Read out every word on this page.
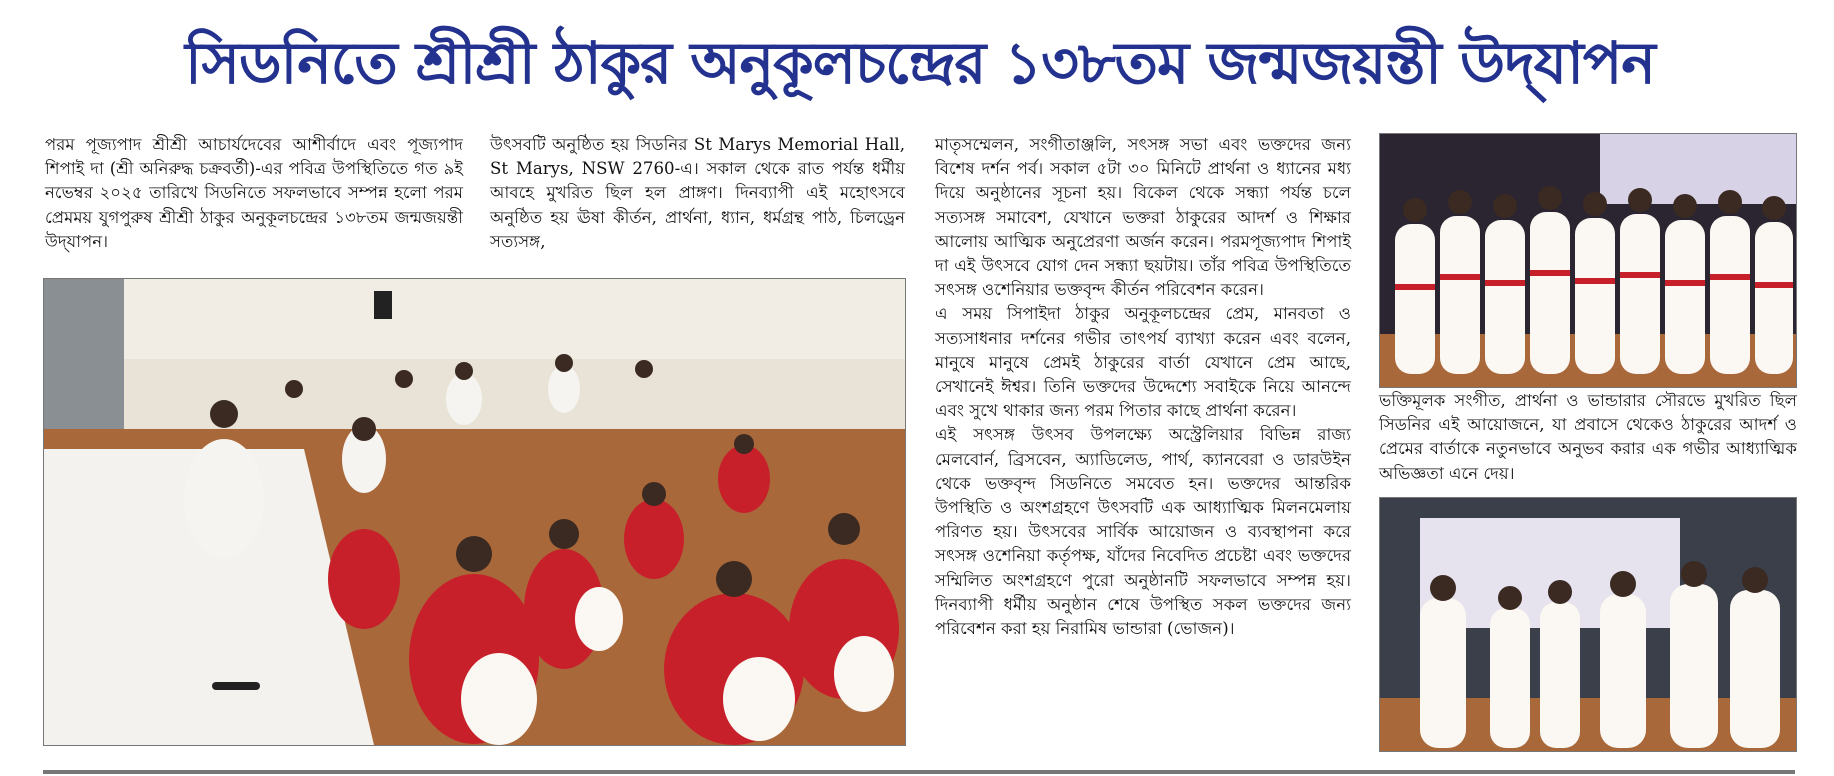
সিডনিতে শ্রীশ্রী ঠাকুর অনুকূলচন্দ্রের ১৩৮তম জন্মজয়ন্তী উদ্‌যাপন

পরম পূজ্যপাদ শ্রীশ্রী আচার্যদেবের আশীর্বাদে এবং পূজ্যপাদ শিপাই দা (শ্রী অনিরুদ্ধ চক্রবর্তী)-এর পবিত্র উপস্থিতিতে গত ৯ই নভেম্বর ২০২৫ তারিখে সিডনিতে সফলভাবে সম্পন্ন হলো পরম প্রেমময় যুগপুরুষ শ্রীশ্রী ঠাকুর অনুকূলচন্দ্রের ১৩৮তম জন্মজয়ন্তী উদ্‌যাপন।

উৎসবটি অনুষ্ঠিত হয় সিডনির St Marys Memorial Hall, St Marys, NSW 2760-এ। সকাল থেকে রাত পর্যন্ত ধর্মীয় আবহে মুখরিত ছিল হল প্রাঙ্গণ। দিনব্যাপী এই মহোৎসবে অনুষ্ঠিত হয় ঊষা কীর্তন, প্রার্থনা, ধ্যান, ধর্মগ্রন্থ পাঠ, চিলড্রেন সত্যসঙ্গ,

মাতৃসম্মেলন, সংগীতাঞ্জলি, সৎসঙ্গ সভা এবং ভক্তদের জন্য বিশেষ দর্শন পর্ব। সকাল ৫টা ৩০ মিনিটে প্রার্থনা ও ধ্যানের মধ্য দিয়ে অনুষ্ঠানের সূচনা হয়। বিকেল থেকে সন্ধ্যা পর্যন্ত চলে সত্যসঙ্গ সমাবেশ, যেখানে ভক্তরা ঠাকুরের আদর্শ ও শিক্ষার আলোয় আত্মিক অনুপ্রেরণা অর্জন করেন। পরমপূজ্যপাদ শিপাই দা এই উৎসবে যোগ দেন সন্ধ্যা ছয়টায়। তাঁর পবিত্র উপস্থিতিতে সৎসঙ্গ ওশেনিয়ার ভক্তবৃন্দ কীর্তন পরিবেশন করেন।

এ সময় সিপাইদা ঠাকুর অনুকূলচন্দ্রের প্রেম, মানবতা ও সত্যসাধনার দর্শনের গভীর তাৎপর্য ব্যাখ্যা করেন এবং বলেন, মানুষে মানুষে প্রেমই ঠাকুরের বার্তা যেখানে প্রেম আছে, সেখানেই ঈশ্বর। তিনি ভক্তদের উদ্দেশ্যে সবাইকে নিয়ে আনন্দে এবং সুখে থাকার জন্য পরম পিতার কাছে প্রার্থনা করেন।

এই সৎসঙ্গ উৎসব উপলক্ষ্যে অস্ট্রেলিয়ার বিভিন্ন রাজ্য মেলবোর্ন, ব্রিসবেন, অ্যাডিলেড, পার্থ, ক্যানবেরা ও ডারউইন থেকে ভক্তবৃন্দ সিডনিতে সমবেত হন। ভক্তদের আন্তরিক উপস্থিতি ও অংশগ্রহণে উৎসবটি এক আধ্যাত্মিক মিলনমেলায় পরিণত হয়। উৎসবের সার্বিক আয়োজন ও ব্যবস্থাপনা করে সৎসঙ্গ ওশেনিয়া কর্তৃপক্ষ, যাঁদের নিবেদিত প্রচেষ্টা এবং ভক্তদের সম্মিলিত অংশগ্রহণে পুরো অনুষ্ঠানটি সফলভাবে সম্পন্ন হয়। দিনব্যাপী ধর্মীয় অনুষ্ঠান শেষে উপস্থিত সকল ভক্তদের জন্য পরিবেশন করা হয় নিরামিষ ভান্ডারা (ভোজন)।

ভক্তিমূলক সংগীত, প্রার্থনা ও ভান্ডারার সৌরভে মুখরিত ছিল সিডনির এই আয়োজনে, যা প্রবাসে থেকেও ঠাকুরের আদর্শ ও প্রেমের বার্তাকে নতুনভাবে অনুভব করার এক গভীর আধ্যাত্মিক অভিজ্ঞতা এনে দেয়।
